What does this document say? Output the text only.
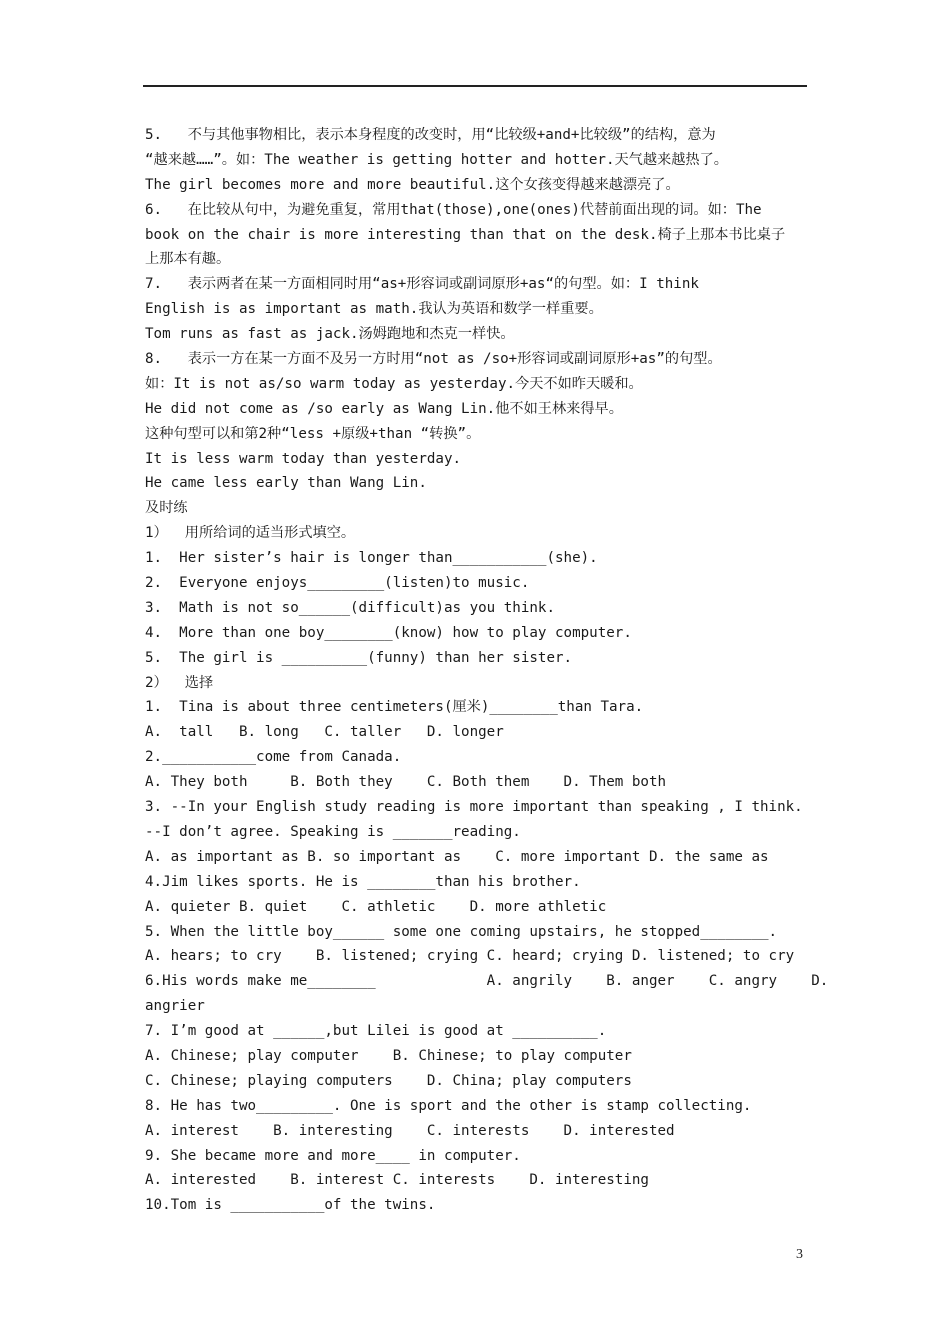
5.   不与其他事物相比，表示本身程度的改变时，用“比较级+and+比较级”的结构，意为
“越来越……”。如：The weather is getting hotter and hotter.天气越来越热了。
The girl becomes more and more beautiful.这个女孩变得越来越漂亮了。
6.   在比较从句中，为避免重复，常用that(those),one(ones)代替前面出现的词。如：The
book on the chair is more interesting than that on the desk.椅子上那本书比桌子
上那本有趣。
7.   表示两者在某一方面相同时用“as+形容词或副词原形+as“的句型。如：I think
English is as important as math.我认为英语和数学一样重要。
Tom runs as fast as jack.汤姆跑地和杰克一样快。
8.   表示一方在某一方面不及另一方时用“not as /so+形容词或副词原形+as”的句型。
如：It is not as/so warm today as yesterday.今天不如昨天暖和。
He did not come as /so early as Wang Lin.他不如王林来得早。
这种句型可以和第2种“less +原级+than “转换”。
It is less warm today than yesterday.
He came less early than Wang Lin.
及时练
1）  用所给词的适当形式填空。
1.  Her sister’s hair is longer than___________(she).
2.  Everyone enjoys_________(listen)to music.
3.  Math is not so______(difficult)as you think.
4.  More than one boy________(know) how to play computer.
5.  The girl is __________(funny) than her sister.
2）  选择
1.  Tina is about three centimeters(厘米)________than Tara.
A.  tall   B. long   C. taller   D. longer
2.___________come from Canada.
A. They both     B. Both they    C. Both them    D. Them both
3. --In your English study reading is more important than speaking , I think.
--I don’t agree. Speaking is _______reading.
A. as important as B. so important as    C. more important D. the same as
4.Jim likes sports. He is ________than his brother.
A. quieter B. quiet    C. athletic    D. more athletic
5. When the little boy______ some one coming upstairs, he stopped________.
A. hears; to cry    B. listened; crying C. heard; crying D. listened; to cry
6.His words make me________             A. angrily    B. anger    C. angry    D.
angrier
7. I’m good at ______,but Lilei is good at __________.
A. Chinese; play computer    B. Chinese; to play computer
C. Chinese; playing computers    D. China; play computers
8. He has two_________. One is sport and the other is stamp collecting.
A. interest    B. interesting    C. interests    D. interested
9. She became more and more____ in computer.
A. interested    B. interest C. interests    D. interesting
10.Tom is ___________of the twins.
3
